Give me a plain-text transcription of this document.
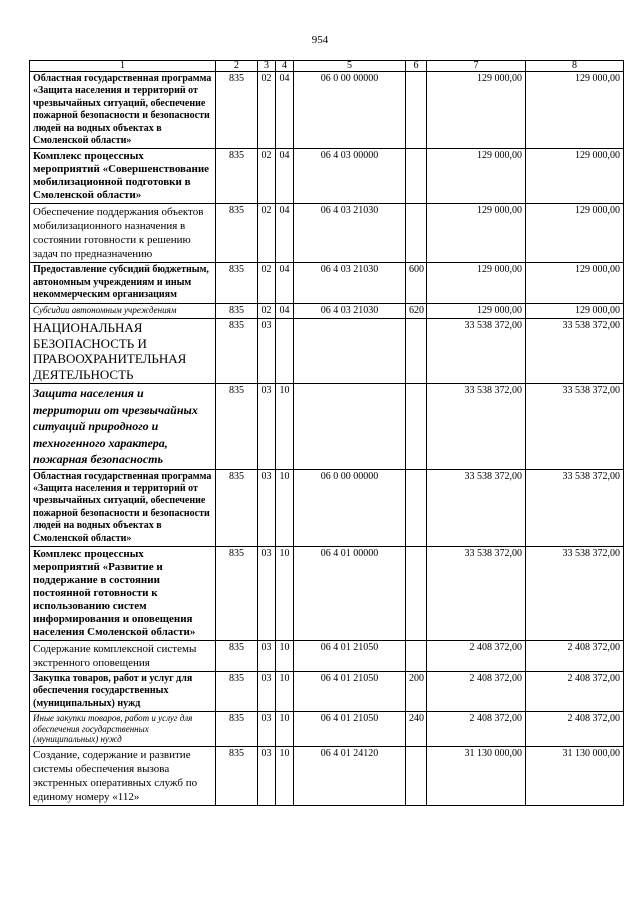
954
1	2	3	4	5	6	7	8
Областная государственная программа «Защита населения и территорий от чрезвычайных ситуаций, обеспечение пожарной безопасности и безопасности людей на водных объектах в Смоленской области»	835	02	04	06 0 00 00000		129 000,00	129 000,00
Комплекс процессных мероприятий «Совершенствование мобилизационной подготовки в Смоленской области»	835	02	04	06 4 03 00000		129 000,00	129 000,00
Обеспечение поддержания объектов мобилизационного назначения в состоянии готовности к решению задач по предназначению	835	02	04	06 4 03 21030		129 000,00	129 000,00
Предоставление субсидий бюджетным, автономным учреждениям и иным некоммерческим организациям	835	02	04	06 4 03 21030	600	129 000,00	129 000,00
Субсидии автономным учреждениям	835	02	04	06 4 03 21030	620	129 000,00	129 000,00
НАЦИОНАЛЬНАЯ БЕЗОПАСНОСТЬ И ПРАВООХРАНИТЕЛЬНАЯ ДЕЯТЕЛЬНОСТЬ	835	03				33 538 372,00	33 538 372,00
Защита населения и территории от чрезвычайных ситуаций природного и техногенного характера, пожарная безопасность	835	03	10			33 538 372,00	33 538 372,00
Областная государственная программа «Защита населения и территорий от чрезвычайных ситуаций, обеспечение пожарной безопасности и безопасности людей на водных объектах в Смоленской области»	835	03	10	06 0 00 00000		33 538 372,00	33 538 372,00
Комплекс процессных мероприятий «Развитие и поддержание в состоянии постоянной готовности к использованию систем информирования и оповещения населения Смоленской области»	835	03	10	06 4 01 00000		33 538 372,00	33 538 372,00
Содержание комплексной системы экстренного оповещения	835	03	10	06 4 01 21050		2 408 372,00	2 408 372,00
Закупка товаров, работ и услуг для обеспечения государственных (муниципальных) нужд	835	03	10	06 4 01 21050	200	2 408 372,00	2 408 372,00
Иные закупки товаров, работ и услуг для обеспечения государственных (муниципальных) нужд	835	03	10	06 4 01 21050	240	2 408 372,00	2 408 372,00
Создание, содержание и развитие системы обеспечения вызова экстренных оперативных служб по единому номеру «112»	835	03	10	06 4 01 24120		31 130 000,00	31 130 000,00
